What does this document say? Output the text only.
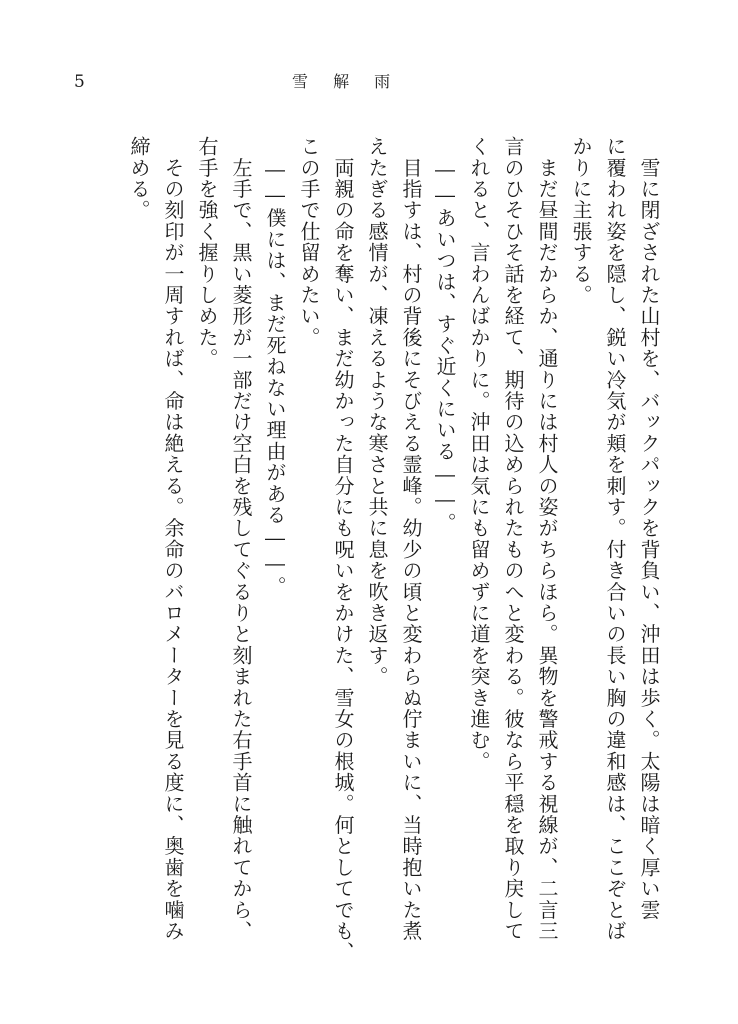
5	雪 解 雨

　雪に閉ざされた山村を、バックパックを背負い、沖田は歩く。太陽は暗く厚い雲
に覆われ姿を隠し、鋭い冷気が頬を刺す。付き合いの長い胸の違和感は、ここぞとば
かりに主張する。

　まだ昼間だからか、通りには村人の姿がちらほら。異物を警戒する視線が、二言三
言のひそひそ話を経て、期待の込められたものへと変わる。彼なら平穏を取り戻して
くれると、言わんばかりに。沖田は気にも留めずに道を突き進む。

　――あいつは、すぐ近くにいる――。

　目指すは、村の背後にそびえる霊峰。幼少の頃と変わらぬ佇まいに、当時抱いた煮
えたぎる感情が、凍えるような寒さと共に息を吹き返す。

　両親の命を奪い、まだ幼かった自分にも呪いをかけた、雪女の根城。何としてでも、
この手で仕留めたい。

　――僕には、まだ死ねない理由がある――。

　左手で、黒い菱形が一部だけ空白を残してぐるりと刻まれた右手首に触れてから、
右手を強く握りしめた。

　その刻印が一周すれば、命は絶える。余命のバロメーターを見る度に、奥歯を噛み
締める。
